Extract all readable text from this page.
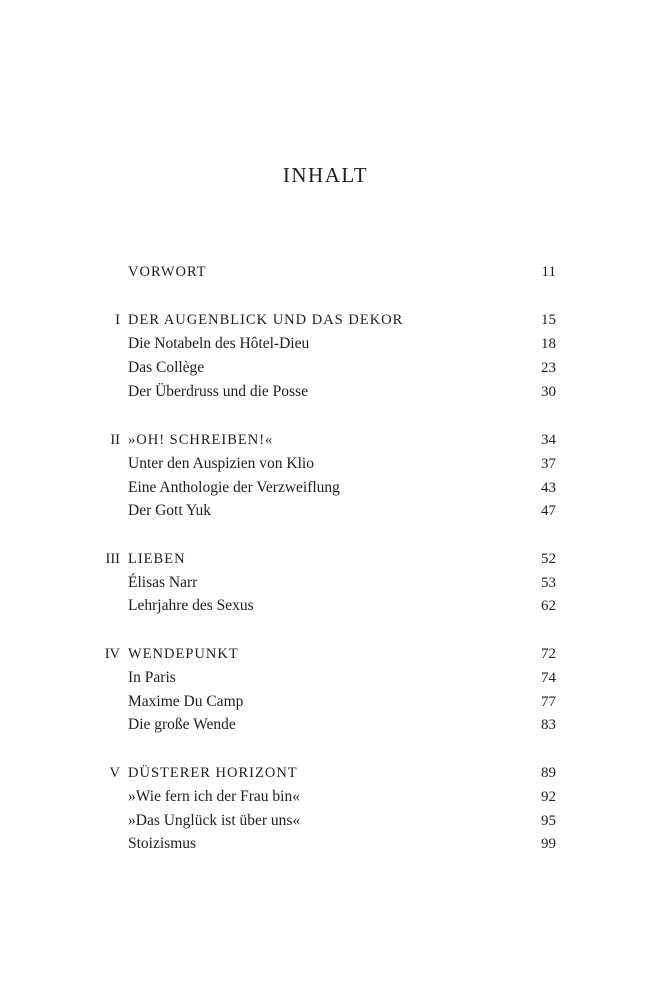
INHALT
VORWORT	11
I DER AUGENBLICK UND DAS DEKOR	15
Die Notabeln des Hôtel-Dieu	18
Das Collège	23
Der Überdruss und die Posse	30
II »OH! SCHREIBEN!«	34
Unter den Auspizien von Klio	37
Eine Anthologie der Verzweiflung	43
Der Gott Yuk	47
III LIEBEN	52
Élisas Narr	53
Lehrjahre des Sexus	62
IV WENDEPUNKT	72
In Paris	74
Maxime Du Camp	77
Die große Wende	83
V DÜSTERER HORIZONT	89
»Wie fern ich der Frau bin«	92
»Das Unglück ist über uns«	95
Stoizismus	99
